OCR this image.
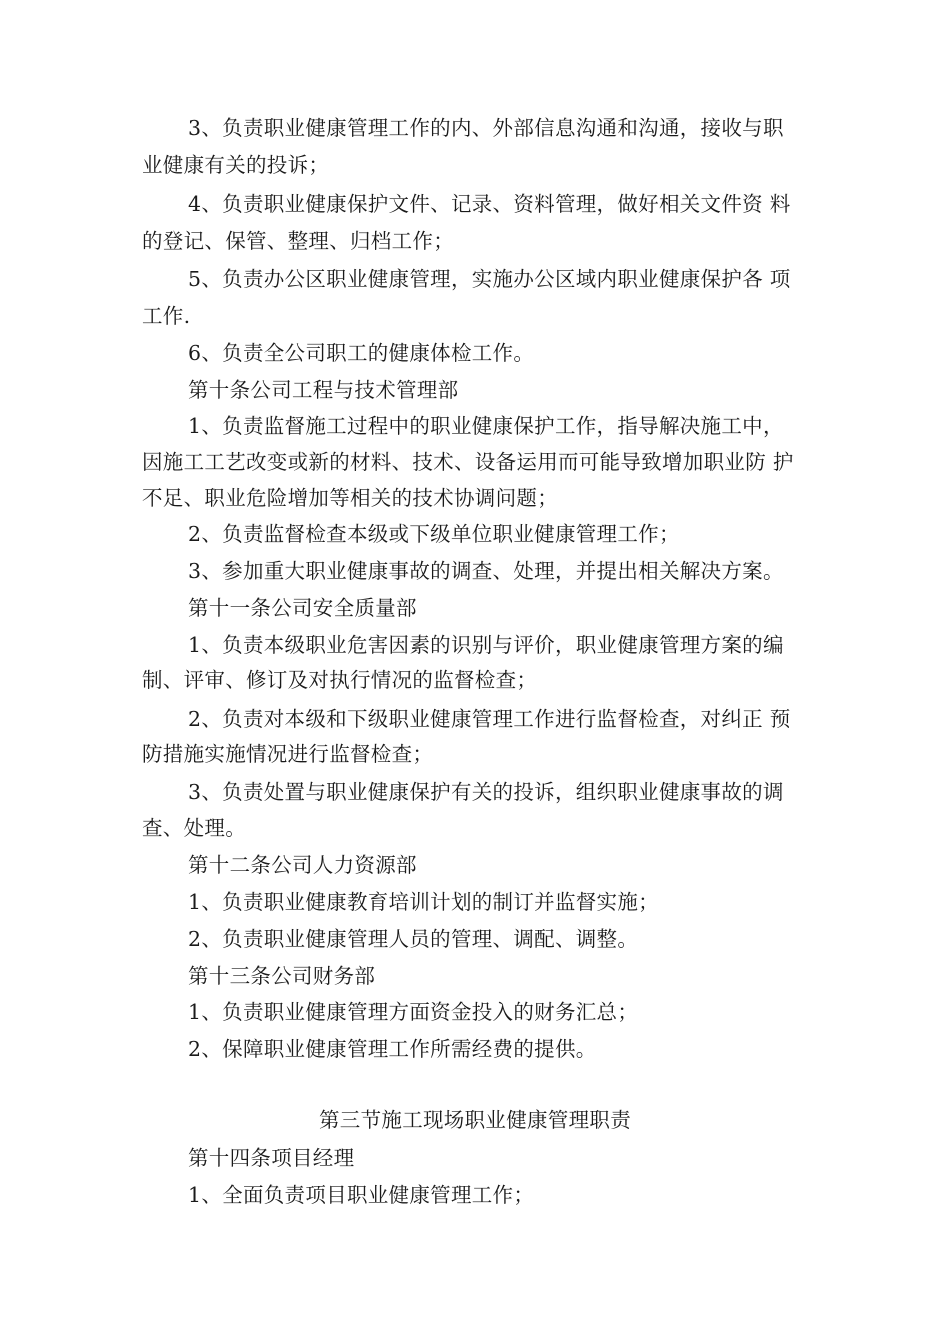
3、负责职业健康管理工作的内、外部信息沟通和沟通，接收与职
业健康有关的投诉；
4、负责职业健康保护文件、记录、资料管理，做好相关文件资 料
的登记、保管、整理、归档工作；
5、负责办公区职业健康管理，实施办公区域内职业健康保护各 项
工作.
6、负责全公司职工的健康体检工作。
第十条公司工程与技术管理部
1、负责监督施工过程中的职业健康保护工作，指导解决施工中，
因施工工艺改变或新的材料、技术、设备运用而可能导致增加职业防 护
不足、职业危险增加等相关的技术协调问题；
2、负责监督检查本级或下级单位职业健康管理工作；
3、参加重大职业健康事故的调查、处理，并提出相关解决方案。
第十一条公司安全质量部
1、负责本级职业危害因素的识别与评价，职业健康管理方案的编
制、评审、修订及对执行情况的监督检查；
2、负责对本级和下级职业健康管理工作进行监督检查，对纠正 预
防措施实施情况进行监督检查；
3、负责处置与职业健康保护有关的投诉，组织职业健康事故的调
查、处理。
第十二条公司人力资源部
1、负责职业健康教育培训计划的制订并监督实施；
2、负责职业健康管理人员的管理、调配、调整。
第十三条公司财务部
1、负责职业健康管理方面资金投入的财务汇总；
2、保障职业健康管理工作所需经费的提供。
第三节施工现场职业健康管理职责
第十四条项目经理
1、全面负责项目职业健康管理工作；
